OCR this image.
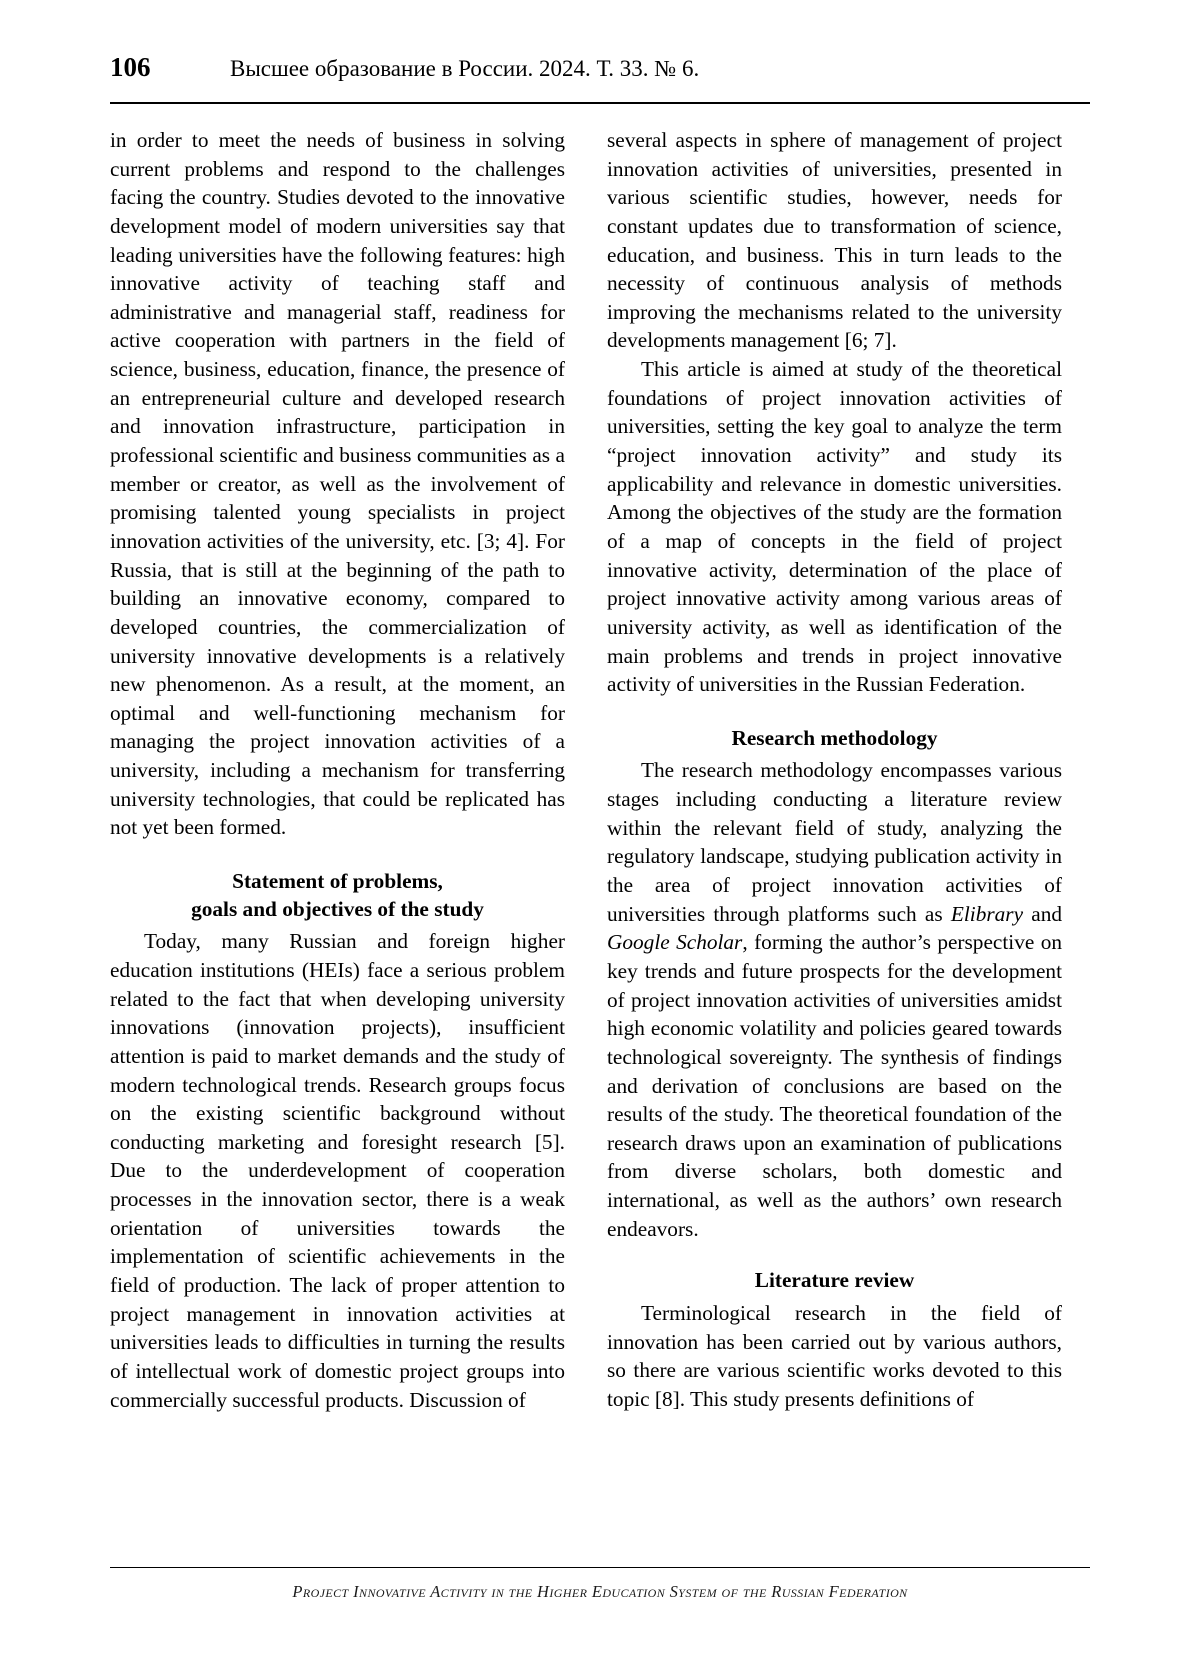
106	Высшее образование в России. 2024. Т. 33. № 6.

in order to meet the needs of business in solving current problems and respond to the challenges facing the country. Studies devoted to the innovative development model of modern universities say that leading universities have the following features: high innovative activity of teaching staff and administrative and managerial staff, readiness for active cooperation with partners in the field of science, business, education, finance, the presence of an entrepreneurial culture and developed research and innovation infrastructure, participation in professional scientific and business communities as a member or creator, as well as the involvement of promising talented young specialists in project innovation activities of the university, etc. [3; 4]. For Russia, that is still at the beginning of the path to building an innovative economy, compared to developed countries, the commercialization of university innovative developments is a relatively new phenomenon. As a result, at the moment, an optimal and well-functioning mechanism for managing the project innovation activities of a university, including a mechanism for transferring university technologies, that could be replicated has not yet been formed.

Statement of problems,
goals and objectives of the study

Today, many Russian and foreign higher education institutions (HEIs) face a serious problem related to the fact that when developing university innovations (innovation projects), insufficient attention is paid to market demands and the study of modern technological trends. Research groups focus on the existing scientific background without conducting marketing and foresight research [5]. Due to the underdevelopment of cooperation processes in the innovation sector, there is a weak orientation of universities towards the implementation of scientific achievements in the field of production. The lack of proper attention to project management in innovation activities at universities leads to difficulties in turning the results of intellectual work of domestic project groups into commercially successful products. Discussion of

several aspects in sphere of management of project innovation activities of universities, presented in various scientific studies, however, needs for constant updates due to transformation of science, education, and business. This in turn leads to the necessity of continuous analysis of methods improving the mechanisms related to the university developments management [6; 7].

This article is aimed at study of the theoretical foundations of project innovation activities of universities, setting the key goal to analyze the term “project innovation activity” and study its applicability and relevance in domestic universities. Among the objectives of the study are the formation of a map of concepts in the field of project innovative activity, determination of the place of project innovative activity among various areas of university activity, as well as identification of the main problems and trends in project innovative activity of universities in the Russian Federation.

Research methodology

The research methodology encompasses various stages including conducting a literature review within the relevant field of study, analyzing the regulatory landscape, studying publication activity in the area of project innovation activities of universities through platforms such as Elibrary and Google Scholar, forming the author’s perspective on key trends and future prospects for the development of project innovation activities of universities amidst high economic volatility and policies geared towards technological sovereignty. The synthesis of findings and derivation of conclusions are based on the results of the study. The theoretical foundation of the research draws upon an examination of publications from diverse scholars, both domestic and international, as well as the authors’ own research endeavors.

Literature review

Terminological research in the field of innovation has been carried out by various authors, so there are various scientific works devoted to this topic [8]. This study presents definitions of

Project Innovative Activity in the Higher Education System of the Russian Federation
